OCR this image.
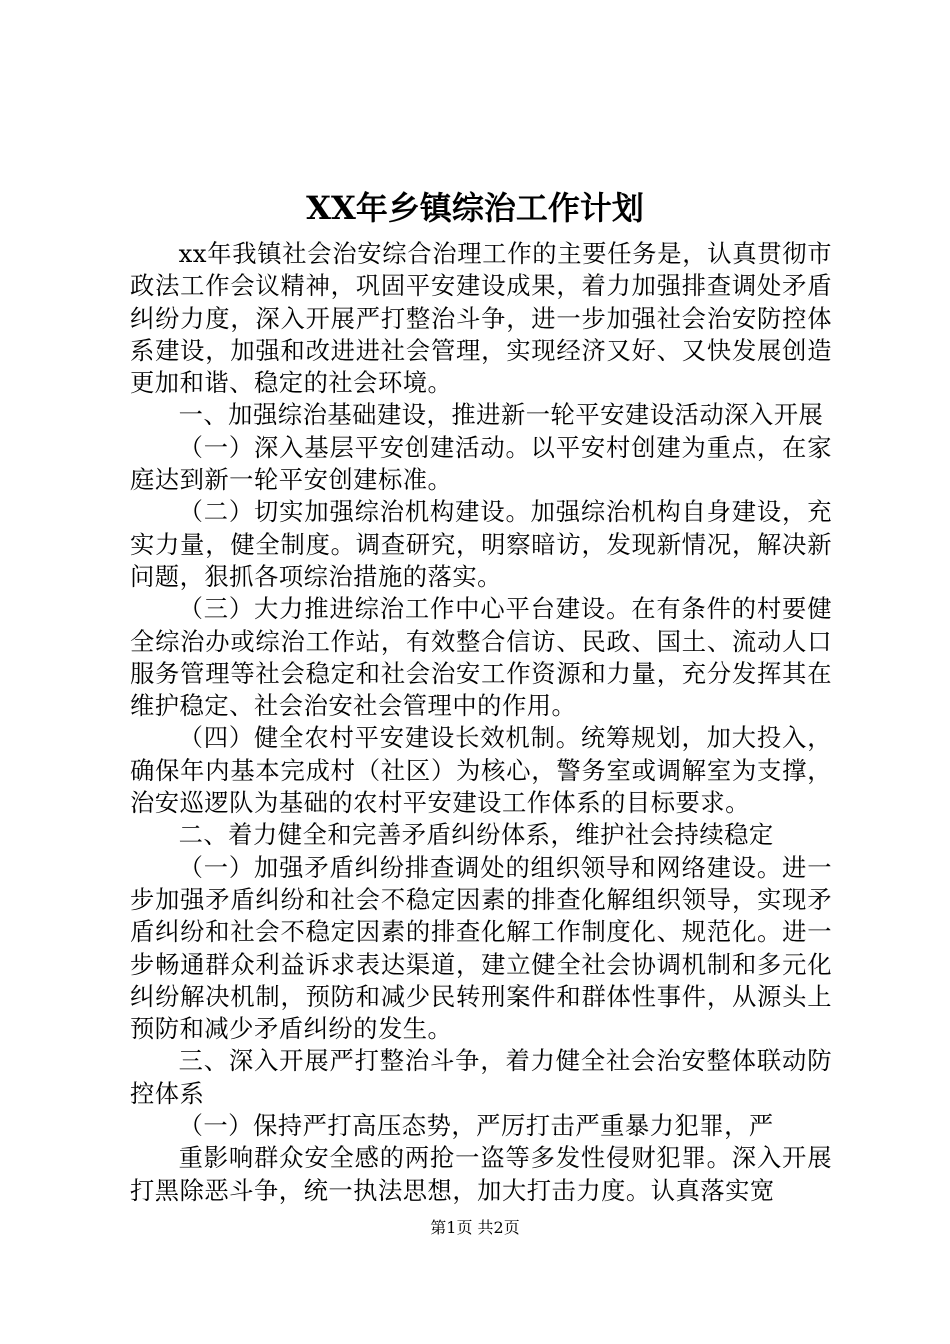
XX年乡镇综治工作计划

xx年我镇社会治安综合治理工作的主要任务是，认真贯彻市政法工作会议精神，巩固平安建设成果，着力加强排查调处矛盾纠纷力度，深入开展严打整治斗争，进一步加强社会治安防控体系建设，加强和改进进社会管理，实现经济又好、又快发展创造更加和谐、稳定的社会环境。

一、加强综治基础建设，推进新一轮平安建设活动深入开展

（一）深入基层平安创建活动。以平安村创建为重点，在家庭达到新一轮平安创建标准。

（二）切实加强综治机构建设。加强综治机构自身建设，充实力量，健全制度。调查研究，明察暗访，发现新情况，解决新问题，狠抓各项综治措施的落实。

（三）大力推进综治工作中心平台建设。在有条件的村要健全综治办或综治工作站，有效整合信访、民政、国土、流动人口服务管理等社会稳定和社会治安工作资源和力量，充分发挥其在维护稳定、社会治安社会管理中的作用。

（四）健全农村平安建设长效机制。统筹规划，加大投入，确保年内基本完成村（社区）为核心，警务室或调解室为支撑，治安巡逻队为基础的农村平安建设工作体系的目标要求。

二、着力健全和完善矛盾纠纷体系，维护社会持续稳定

（一）加强矛盾纠纷排查调处的组织领导和网络建设。进一步加强矛盾纠纷和社会不稳定因素的排查化解组织领导，实现矛盾纠纷和社会不稳定因素的排查化解工作制度化、规范化。进一步畅通群众利益诉求表达渠道，建立健全社会协调机制和多元化纠纷解决机制，预防和减少民转刑案件和群体性事件，从源头上预防和减少矛盾纠纷的发生。

三、深入开展严打整治斗争，着力健全社会治安整体联动防控体系

（一）保持严打高压态势，严厉打击严重暴力犯罪，严

重影响群众安全感的两抢一盗等多发性侵财犯罪。深入开展打黑除恶斗争，统一执法思想，加大打击力度。认真落实宽

第1页 共2页
